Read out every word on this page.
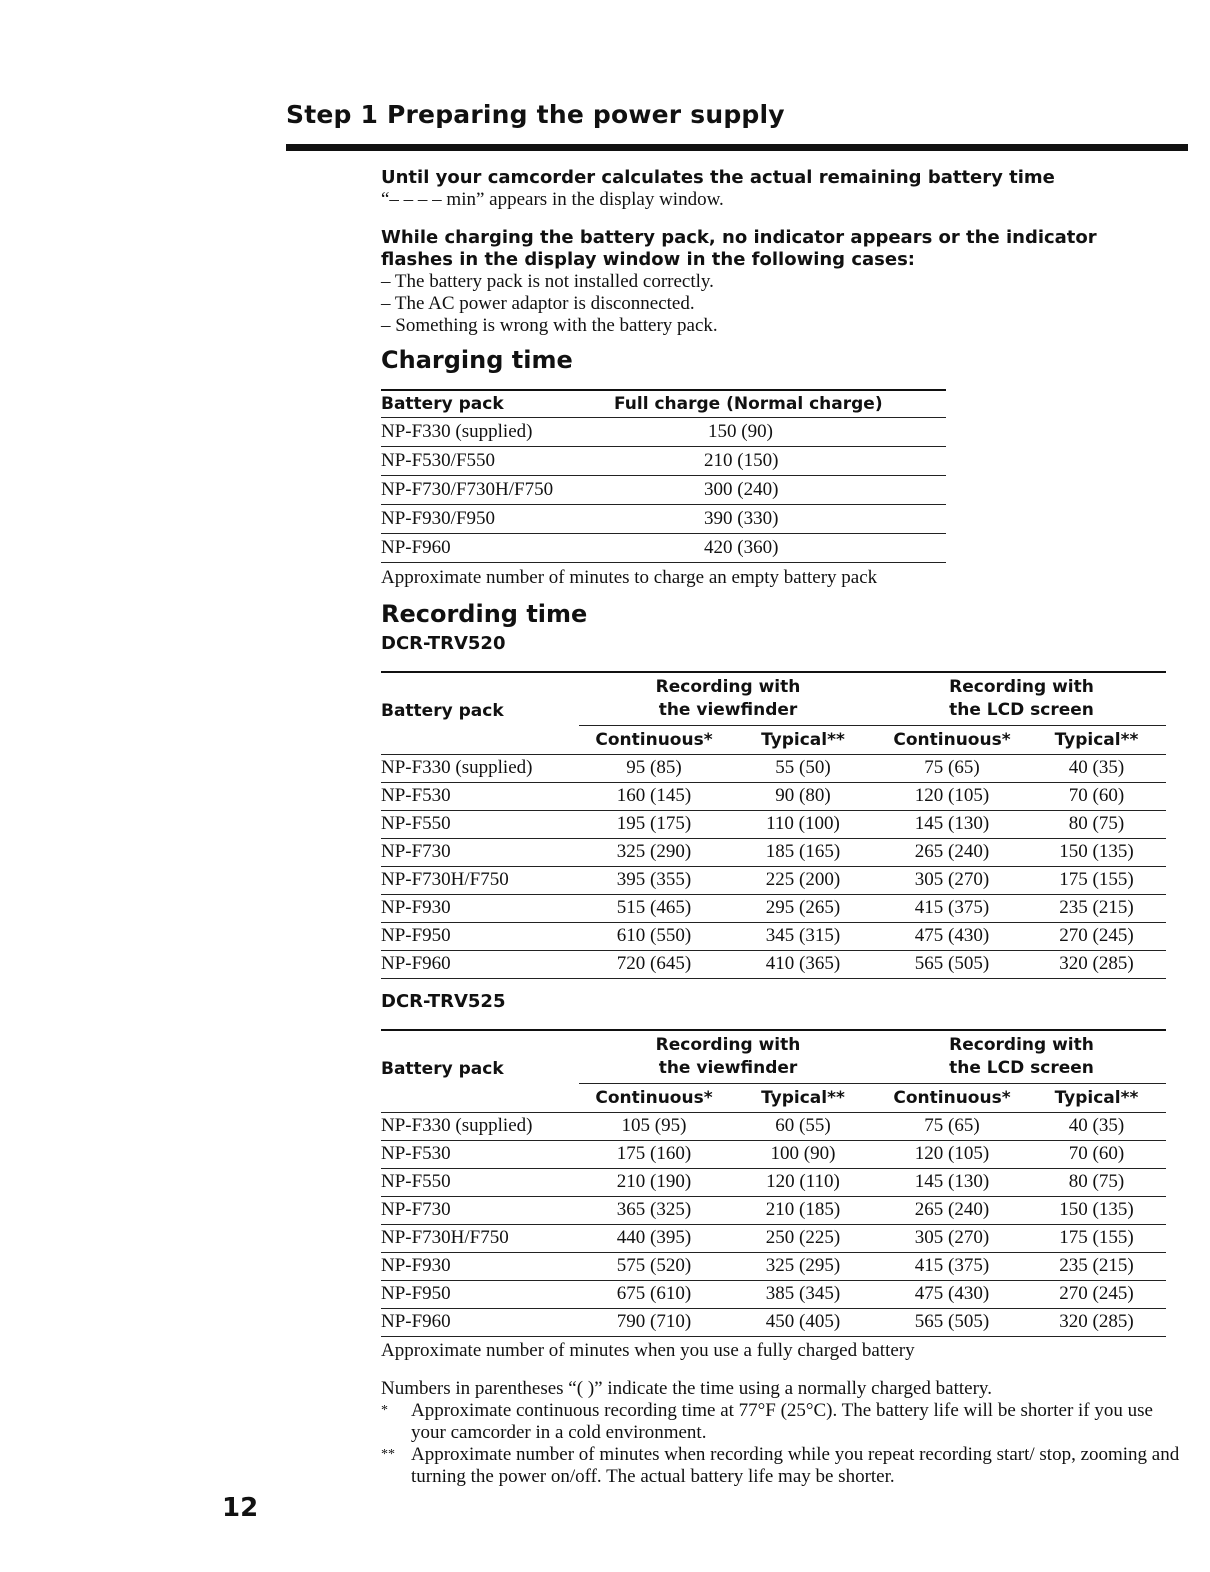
Step 1 Preparing the power supply
Until your camcorder calculates the actual remaining battery time
“– – – – min” appears in the display window.
While charging the battery pack, no indicator appears or the indicator flashes in the display window in the following cases:
– The battery pack is not installed correctly.
– The AC power adaptor is disconnected.
– Something is wrong with the battery pack.
Charging time
Battery pack	Full charge (Normal charge)
NP-F330 (supplied)	150 (90)
NP-F530/F550	210 (150)
NP-F730/F730H/F750	300 (240)
NP-F930/F950	390 (330)
NP-F960	420 (360)
Approximate number of minutes to charge an empty battery pack
Recording time
DCR-TRV520
Battery pack	Recording with the viewfinder		Recording with the LCD screen	

	Continuous*	Typical**	Continuous*	Typical**
NP-F330 (supplied)	95 (85)	55 (50)	75 (65)	40 (35)
NP-F530	160 (145)	90 (80)	120 (105)	70 (60)
NP-F550	195 (175)	110 (100)	145 (130)	80 (75)
NP-F730	325 (290)	185 (165)	265 (240)	150 (135)
NP-F730H/F750	395 (355)	225 (200)	305 (270)	175 (155)
NP-F930	515 (465)	295 (265)	415 (375)	235 (215)
NP-F950	610 (550)	345 (315)	475 (430)	270 (245)
NP-F960	720 (645)	410 (365)	565 (505)	320 (285)
DCR-TRV525
Battery pack	Recording with the viewfinder		Recording with the LCD screen	

	Continuous*	Typical**	Continuous*	Typical**
NP-F330 (supplied)	105 (95)	60 (55)	75 (65)	40 (35)
NP-F530	175 (160)	100 (90)	120 (105)	70 (60)
NP-F550	210 (190)	120 (110)	145 (130)	80 (75)
NP-F730	365 (325)	210 (185)	265 (240)	150 (135)
NP-F730H/F750	440 (395)	250 (225)	305 (270)	175 (155)
NP-F930	575 (520)	325 (295)	415 (375)	235 (215)
NP-F950	675 (610)	385 (345)	475 (430)	270 (245)
NP-F960	790 (710)	450 (405)	565 (505)	320 (285)
Approximate number of minutes when you use a fully charged battery
Numbers in parentheses “( )” indicate the time using a normally charged battery.
*	Approximate continuous recording time at 77°F (25°C). The battery life will be shorter if you use your camcorder in a cold environment.
** Approximate number of minutes when recording while you repeat recording start/ stop, zooming and turning the power on/off. The actual battery life may be shorter.
12
